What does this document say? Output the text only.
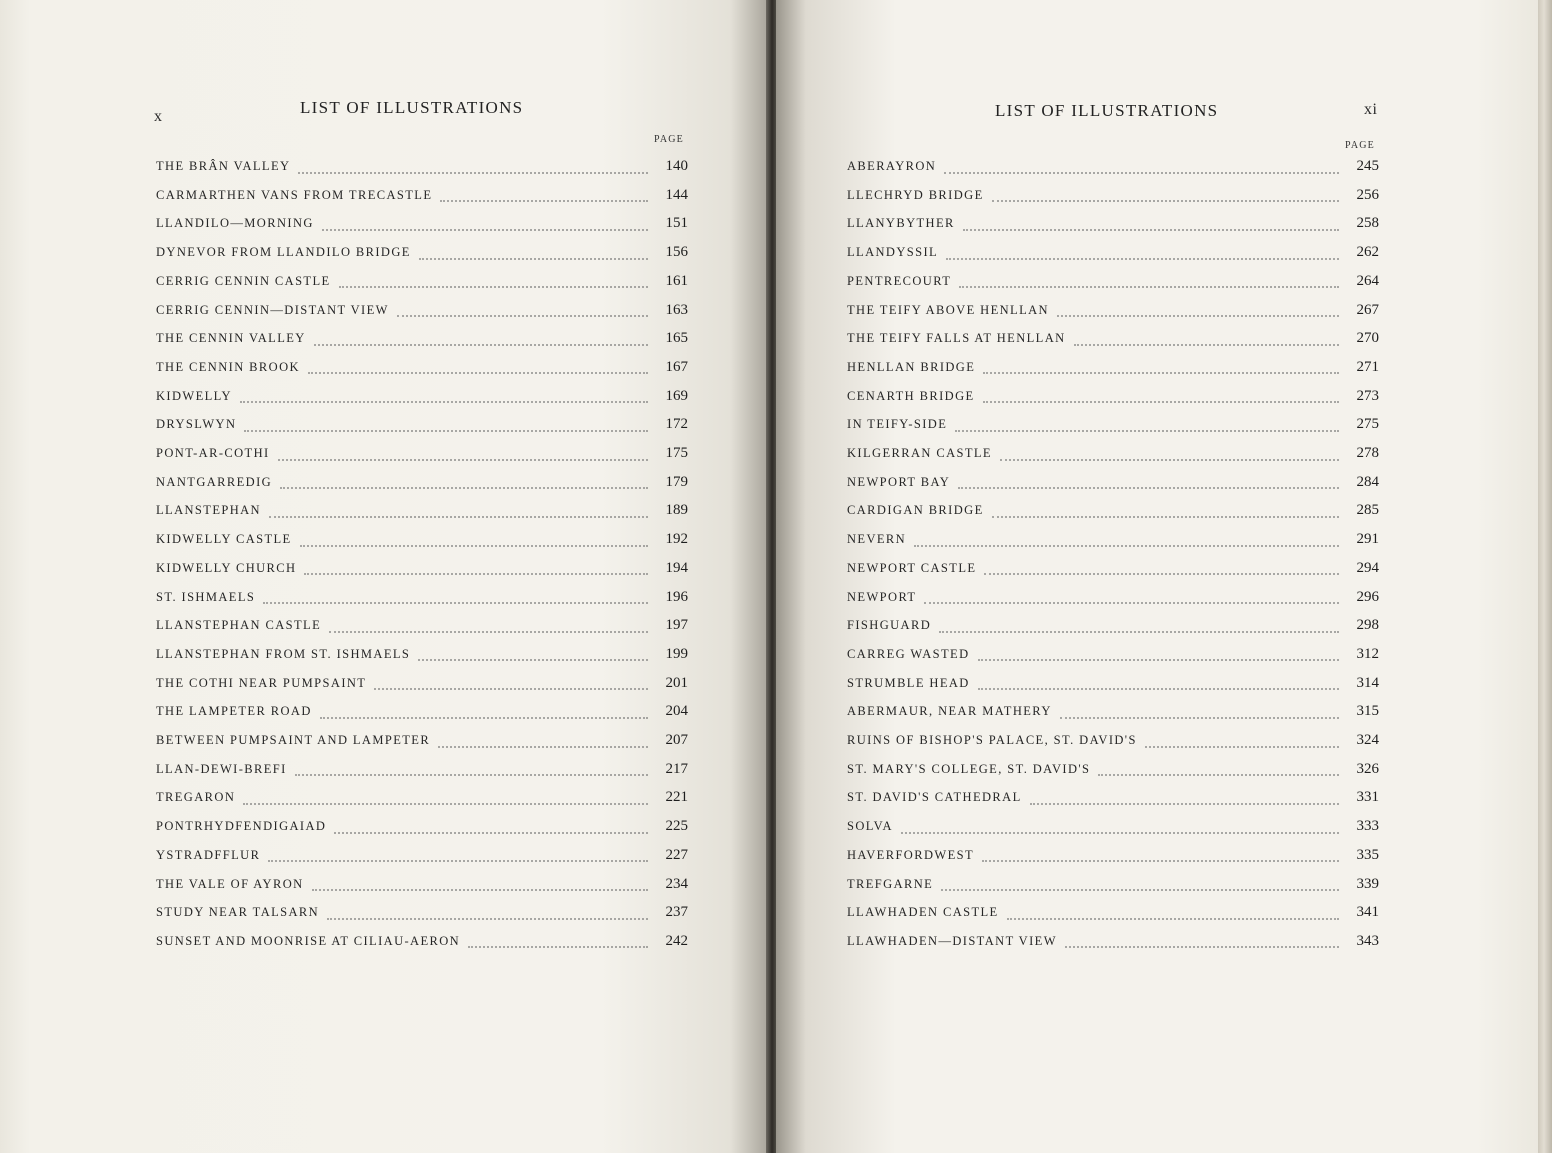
x	LIST OF ILLUSTRATIONS
PAGE
THE BRÂN VALLEY	140
CARMARTHEN VANS FROM TRECASTLE	144
LLANDILO—MORNING	151
DYNEVOR FROM LLANDILO BRIDGE	156
CERRIG CENNIN CASTLE	161
CERRIG CENNIN—DISTANT VIEW	163
THE CENNIN VALLEY	165
THE CENNIN BROOK	167
KIDWELLY	169
DRYSLWYN	172
PONT-AR-COTHI	175
NANTGARREDIG	179
LLANSTEPHAN	189
KIDWELLY CASTLE	192
KIDWELLY CHURCH	194
ST. ISHMAELS	196
LLANSTEPHAN CASTLE	197
LLANSTEPHAN FROM ST. ISHMAELS	199
THE COTHI NEAR PUMPSAINT	201
THE LAMPETER ROAD	204
BETWEEN PUMPSAINT AND LAMPETER	207
LLAN-DEWI-BREFI	217
TREGARON	221
PONTRHYDFENDIGAIAD	225
YSTRADFFLUR	227
THE VALE OF AYRON	234
STUDY NEAR TALSARN	237
SUNSET AND MOONRISE AT CILIAU-AERON	242
LIST OF ILLUSTRATIONS	xi
PAGE
ABERAYRON	245
LLECHRYD BRIDGE	256
LLANYBYTHER	258
LLANDYSSIL	262
PENTRECOURT	264
THE TEIFY ABOVE HENLLAN	267
THE TEIFY FALLS AT HENLLAN	270
HENLLAN BRIDGE	271
CENARTH BRIDGE	273
IN TEIFY-SIDE	275
KILGERRAN CASTLE	278
NEWPORT BAY	284
CARDIGAN BRIDGE	285
NEVERN	291
NEWPORT CASTLE	294
NEWPORT	296
FISHGUARD	298
CARREG WASTED	312
STRUMBLE HEAD	314
ABERMAUR, NEAR MATHERY	315
RUINS OF BISHOP'S PALACE, ST. DAVID'S	324
ST. MARY'S COLLEGE, ST. DAVID'S	326
ST. DAVID'S CATHEDRAL	331
SOLVA	333
HAVERFORDWEST	335
TREFGARNE	339
LLAWHADEN CASTLE	341
LLAWHADEN—DISTANT VIEW	343
